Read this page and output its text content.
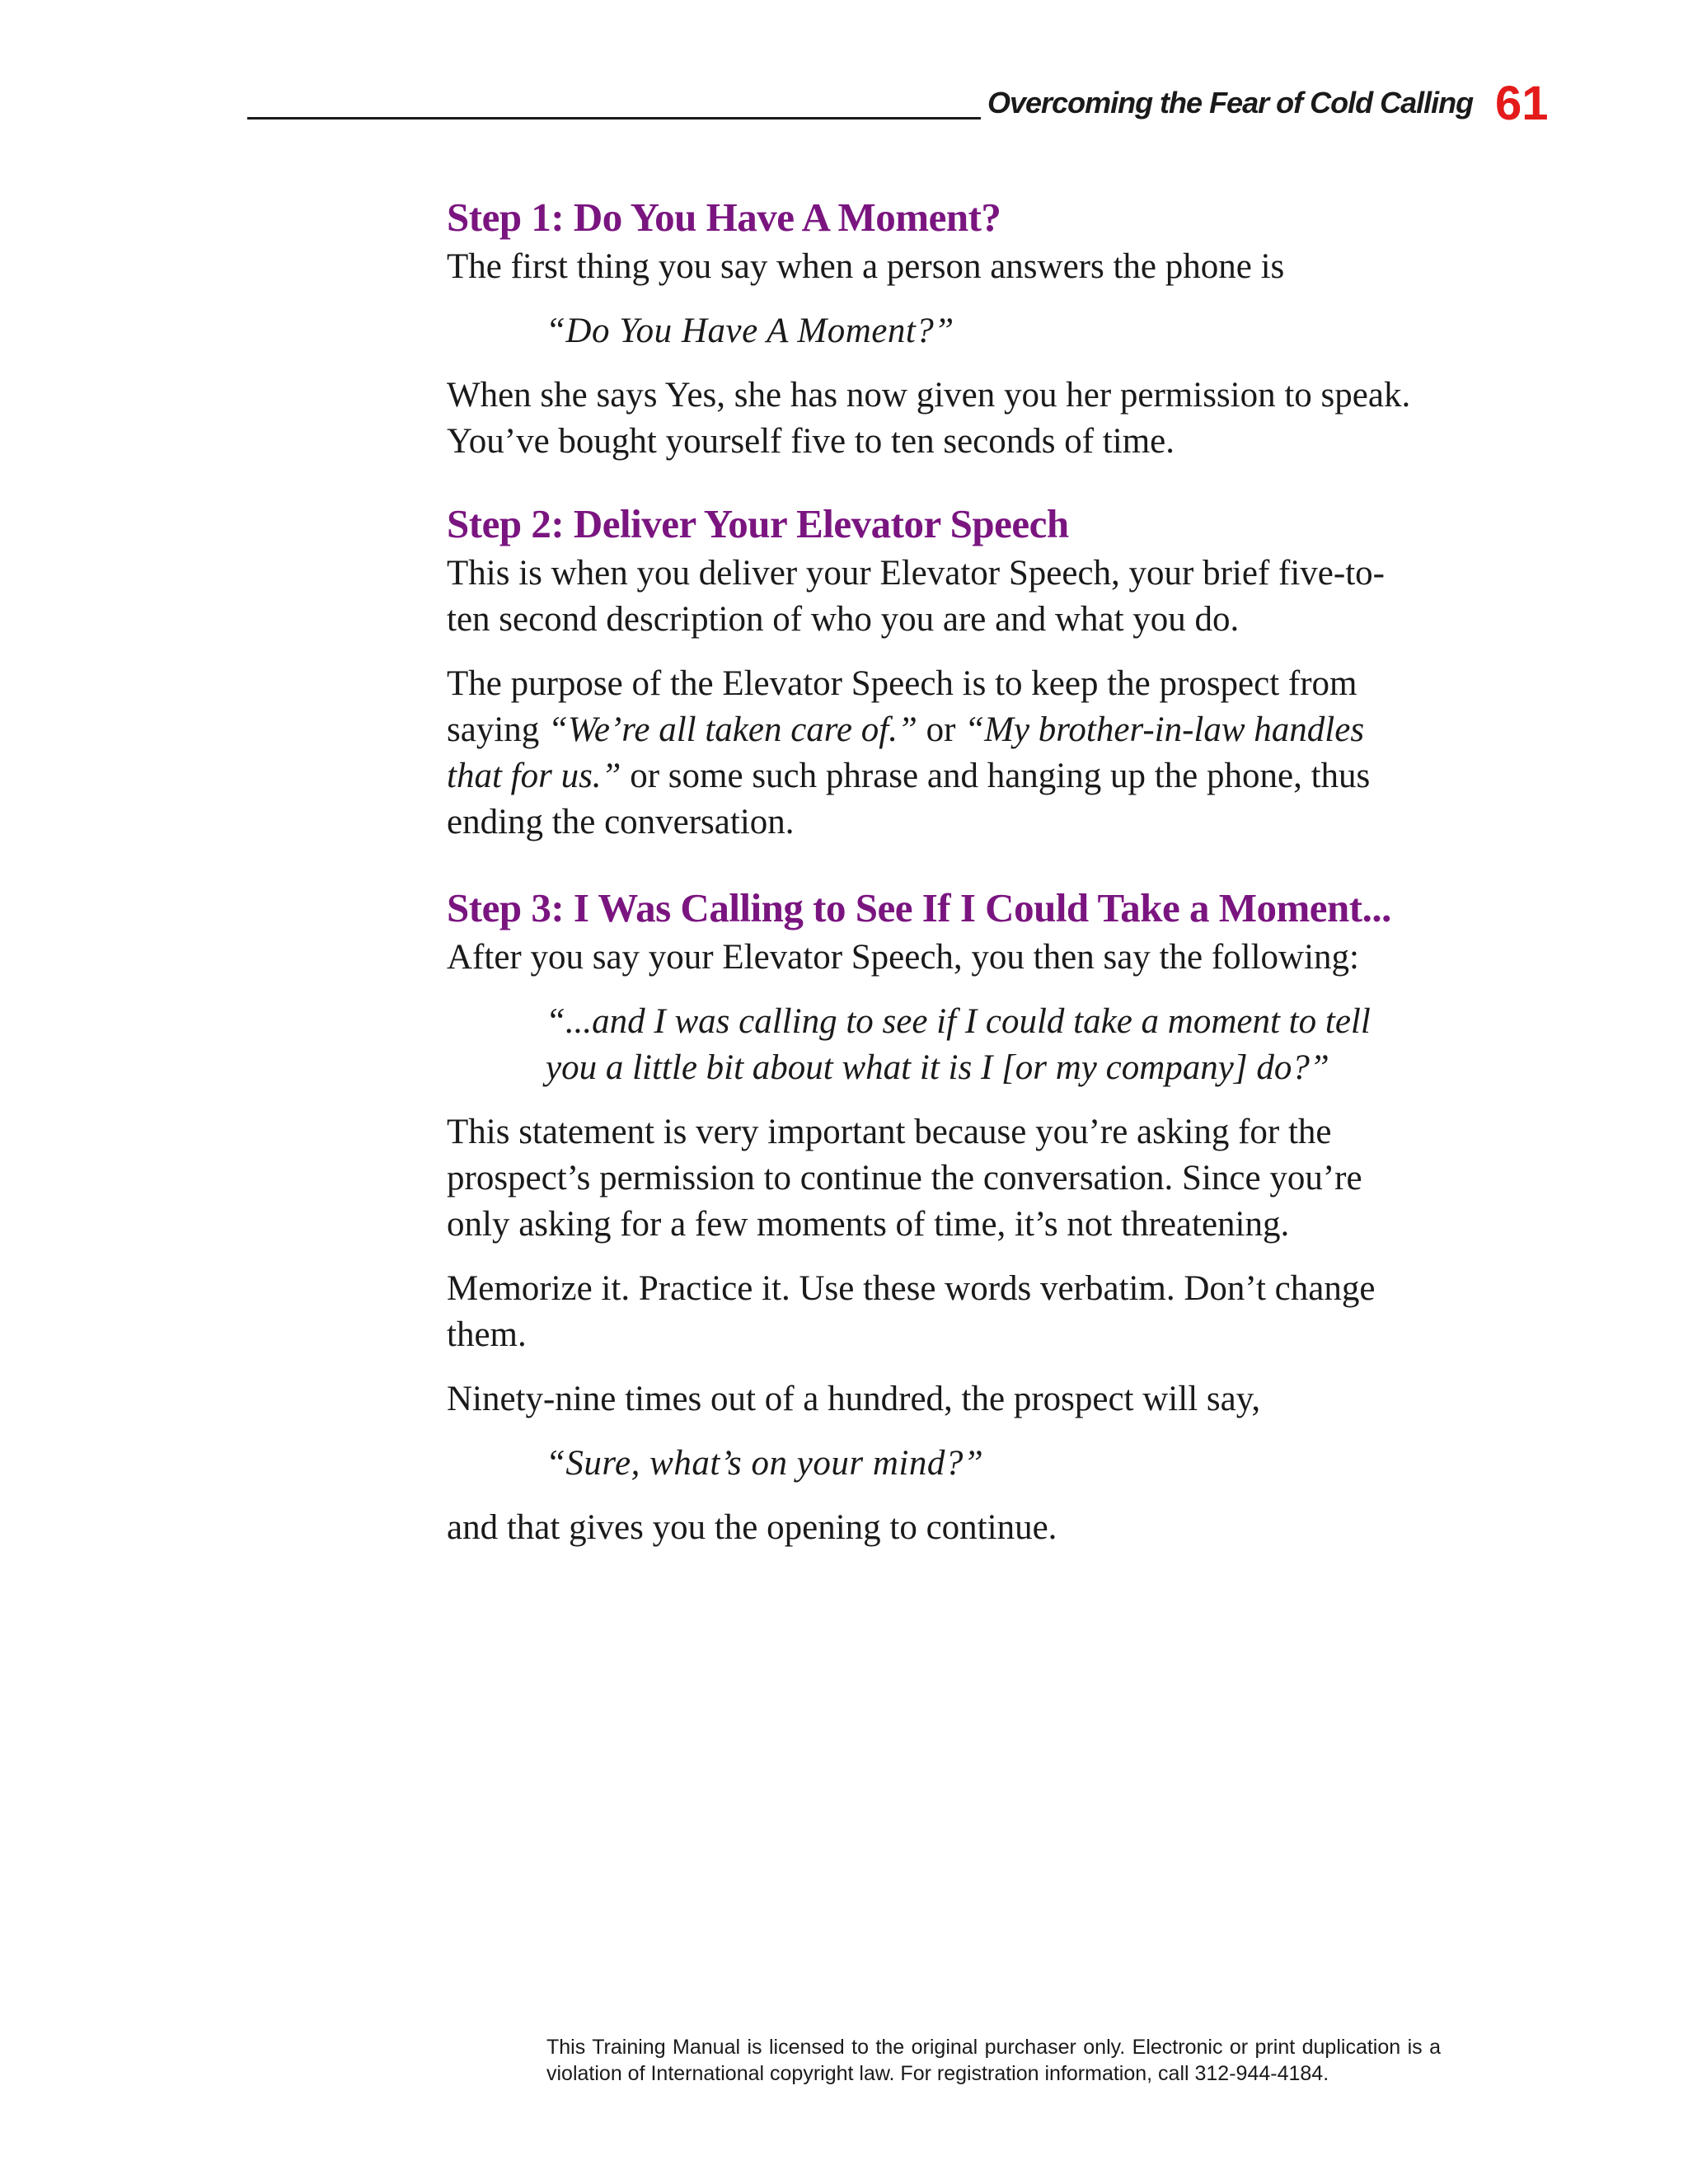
Overcoming the Fear of Cold Calling 61
Step 1: Do You Have A Moment?

The first thing you say when a person answers the phone is

“Do You Have A Moment?”

When she says Yes, she has now given you her permission to speak. You’ve bought yourself five to ten seconds of time.

Step 2: Deliver Your Elevator Speech

This is when you deliver your Elevator Speech, your brief five-to-ten second description of who you are and what you do.

The purpose of the Elevator Speech is to keep the prospect from saying “We’re all taken care of.” or “My brother-in-law handles that for us.” or some such phrase and hanging up the phone, thus ending the conversation.

Step 3: I Was Calling to See If I Could Take a Moment...

After you say your Elevator Speech, you then say the following:

“...and I was calling to see if I could take a moment to tell you a little bit about what it is I [or my company] do?”

This statement is very important because you’re asking for the prospect’s permission to continue the conversation. Since you’re only asking for a few moments of time, it’s not threatening.

Memorize it. Practice it. Use these words verbatim. Don’t change them.

Ninety-nine times out of a hundred, the prospect will say,

“Sure, what’s on your mind?”

and that gives you the opening to continue.

This Training Manual is licensed to the original purchaser only. Electronic or print duplication is a violation of International copyright law. For registration information, call 312-944-4184.
